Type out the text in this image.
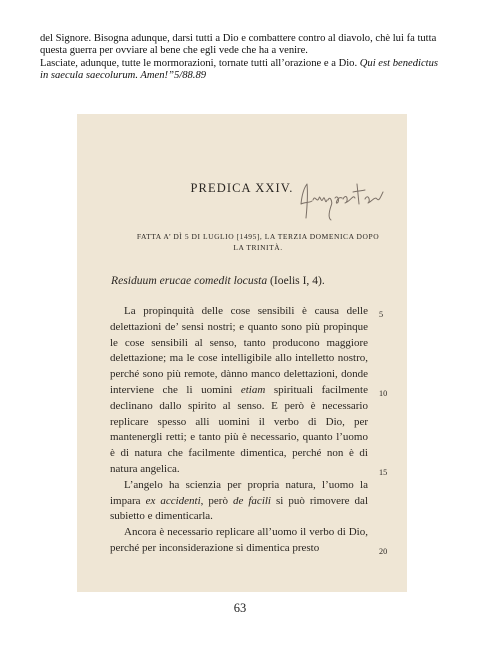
del Signore. Bisogna adunque, darsi tutti a Dio e combattere contro al diavolo, chè lui fa tutta questa guerra per ovviare al bene che egli vede che ha a venire.

Lasciate, adunque, tutte le mormorazioni, tornate tutti all’orazione e a Dio. Qui est benedictus in saecula saecolurum. Amen!”5/88.89

PREDICA XXIV.
FATTA A’ DÌ 5 DI LUGLIO [1495], LA TERZIA DOMENICA DOPO
LA TRINITÀ.
Residuum erucae comedit locusta (Ioelis I, 4).

La propinquità delle cose sensibili è causa delle delettazioni de’ sensi nostri; e quanto sono più propinque le cose sensibili al senso, tanto producono maggiore delettazione; ma le cose intelligibile allo intelletto nostro, perché sono più remote, dànno manco delettazioni, donde interviene che li uomini etiam spirituali facilmente declinano dallo spirito al senso. E però è necessario replicare spesso alli uomini il verbo di Dio, per mantenergli retti; e tanto più è necessario, quanto l’uomo è di natura che facilmente dimentica, perché non è di natura angelica.

L’angelo ha scienzia per propria natura, l’uomo la impara ex accidenti, però de facili si può rimovere dal subietto e dimenticarla.

Ancora è necessario replicare all’uomo il verbo di Dio, perché per inconsiderazione si dimentica presto

5
10
15
20
63
